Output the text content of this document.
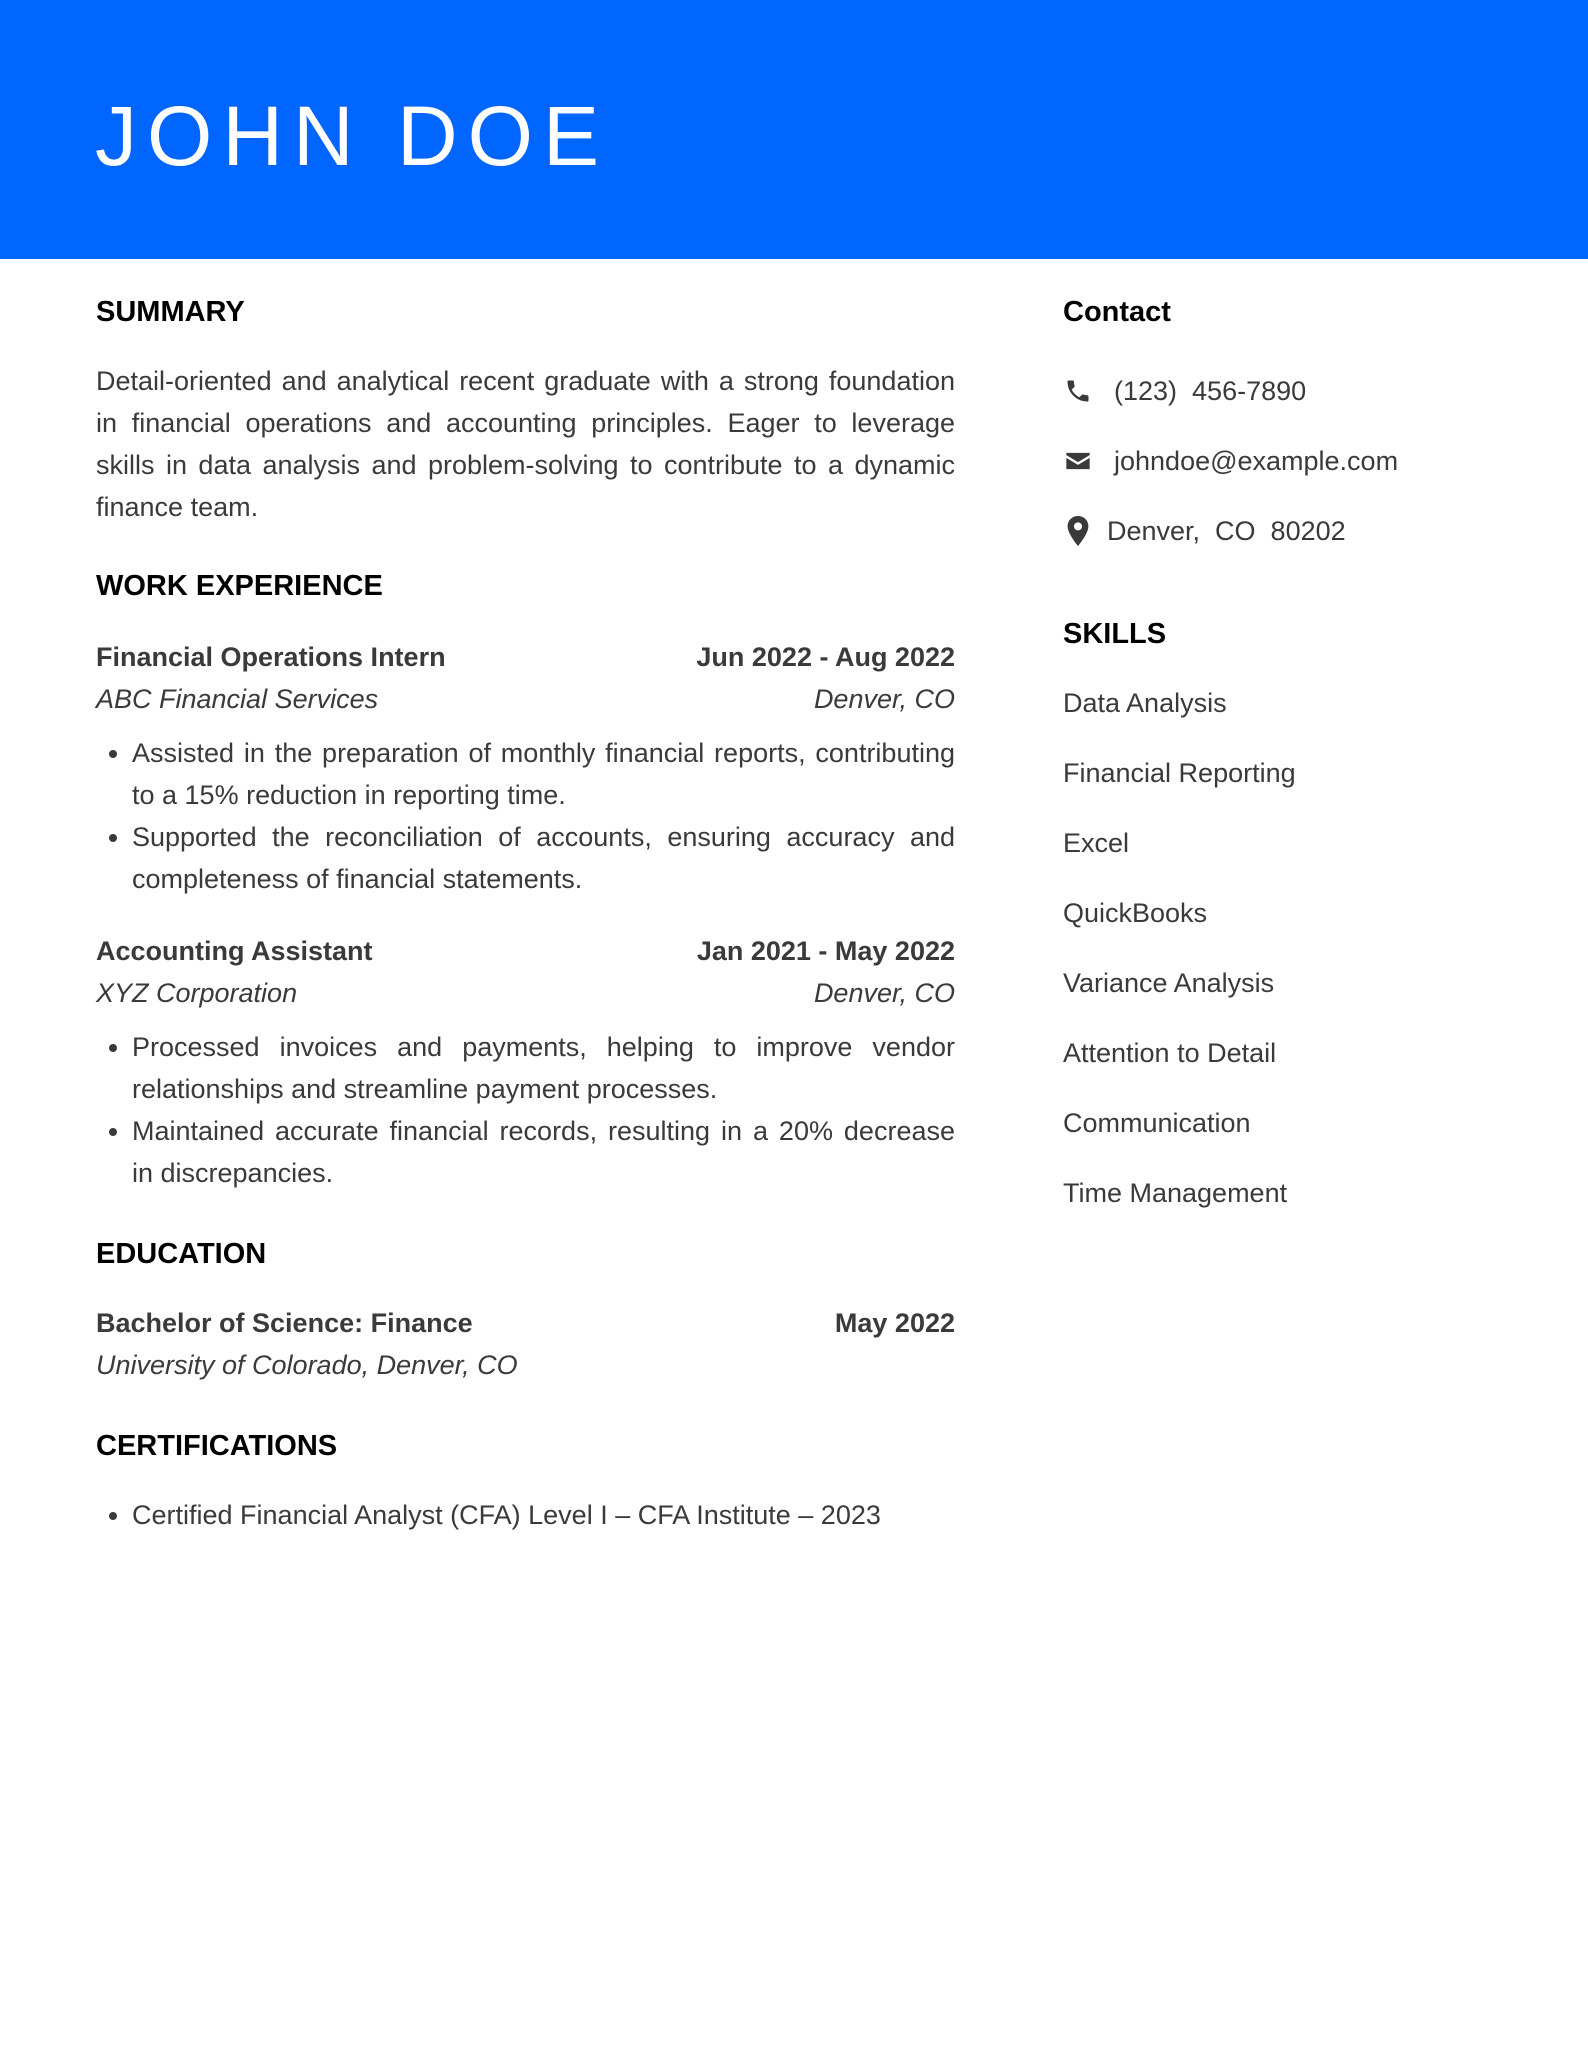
JOHN DOE
SUMMARY

Detail-oriented and analytical recent graduate with a strong foundation in financial operations and accounting principles. Eager to leverage skills in data analysis and problem-solving to contribute to a dynamic finance team.

WORK EXPERIENCE
Financial Operations Intern	Jun 2022 - Aug 2022
ABC Financial Services	Denver, CO
• Assisted in the preparation of monthly financial reports, contributing to a 15% reduction in reporting time.
• Supported the reconciliation of accounts, ensuring accuracy and completeness of financial statements.
Accounting Assistant	Jan 2021 - May 2022
XYZ Corporation	Denver, CO
• Processed invoices and payments, helping to improve vendor relationships and streamline payment processes.
• Maintained accurate financial records, resulting in a 20% decrease in discrepancies.
EDUCATION
Bachelor of Science: Finance	May 2022
University of Colorado, Denver, CO
CERTIFICATIONS
• Certified Financial Analyst (CFA) Level I – CFA Institute – 2023
Contact
(123)  456-7890
johndoe@example.com
Denver,  CO  80202
SKILLS
Data Analysis
Financial Reporting
Excel
QuickBooks
Variance Analysis
Attention to Detail
Communication
Time Management
